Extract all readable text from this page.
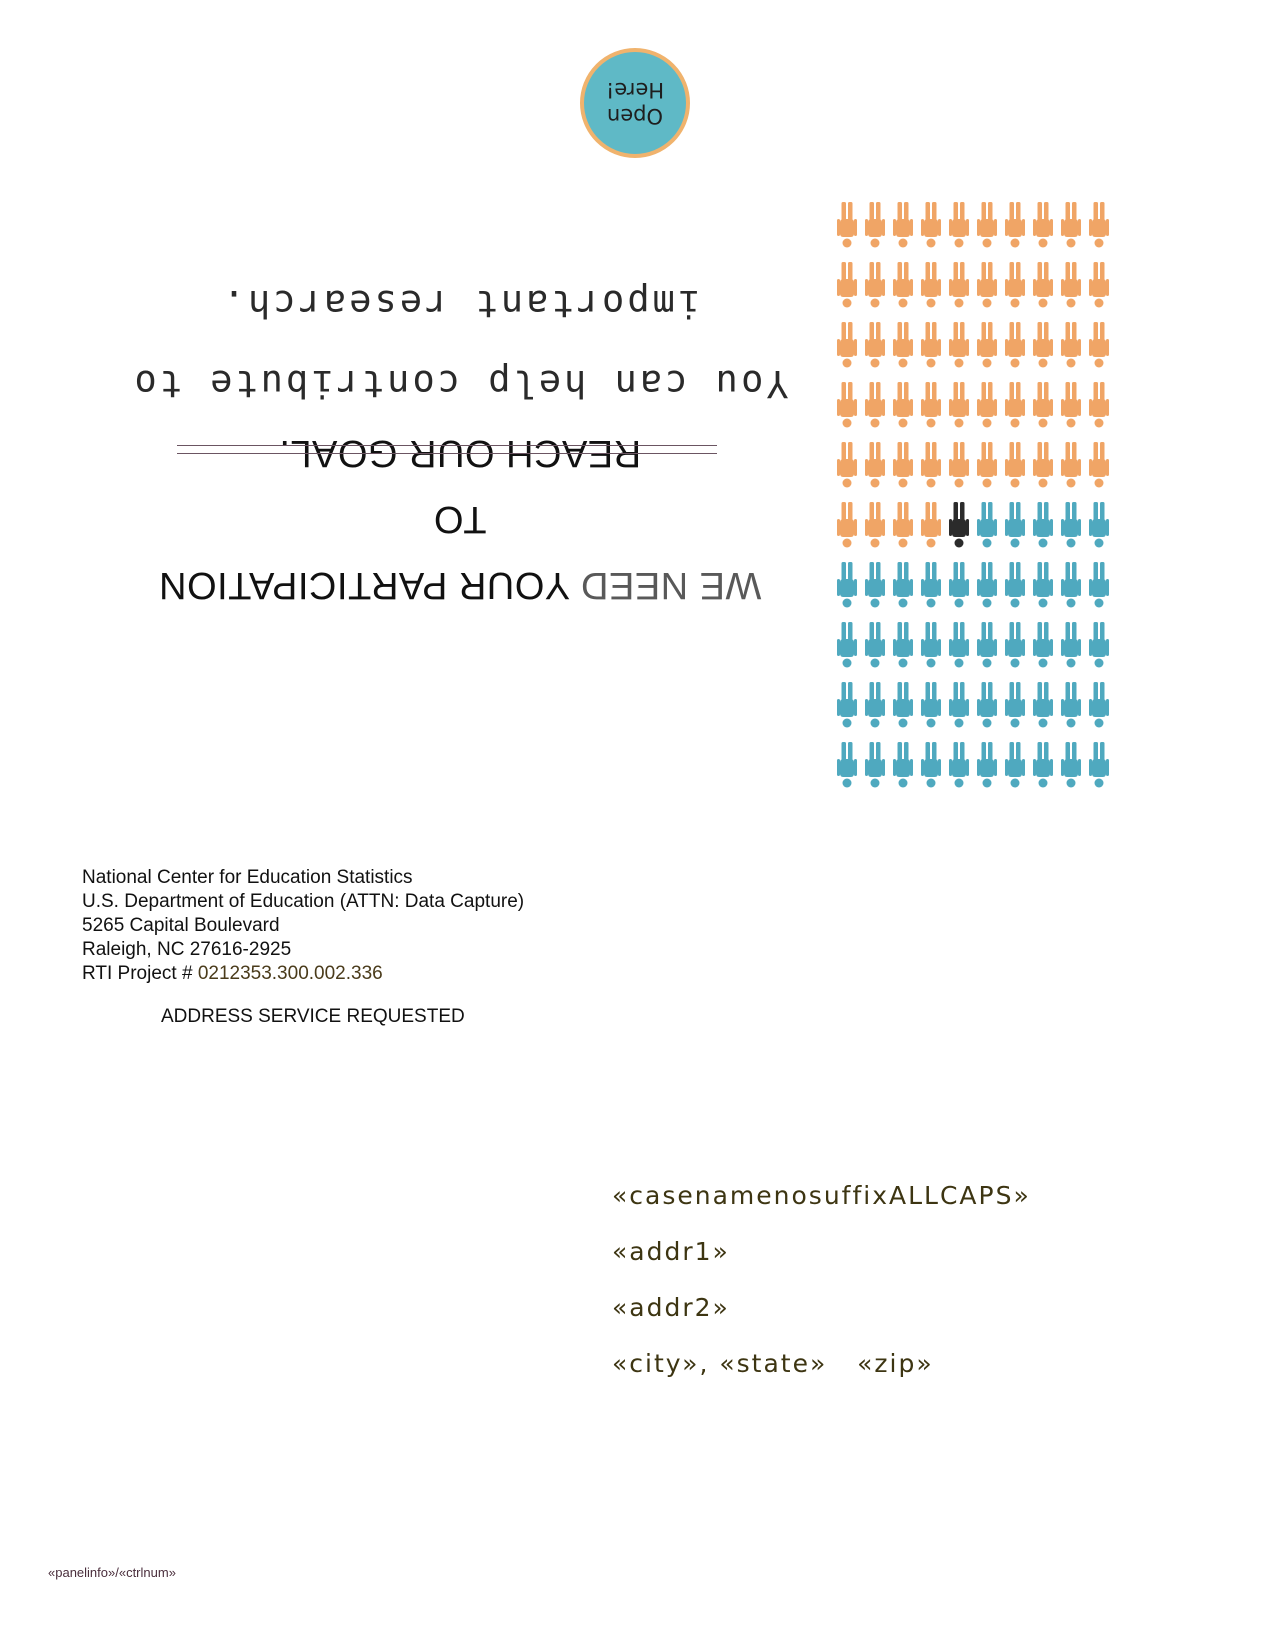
Open
Here!
WE NEED YOUR PARTICIPATION TO
REACH OUR GOAL.
You can help contribute to
important research.
National Center for Education Statistics
U.S. Department of Education (ATTN: Data Capture)
5265 Capital Boulevard
Raleigh, NC 27616-2925
RTI Project # 0212353.300.002.336
ADDRESS SERVICE REQUESTED
«casenamenosuffixALLCAPS»
«addr1»
«addr2»
«city», «state»   «zip»
«panelinfo»/«ctrlnum»
